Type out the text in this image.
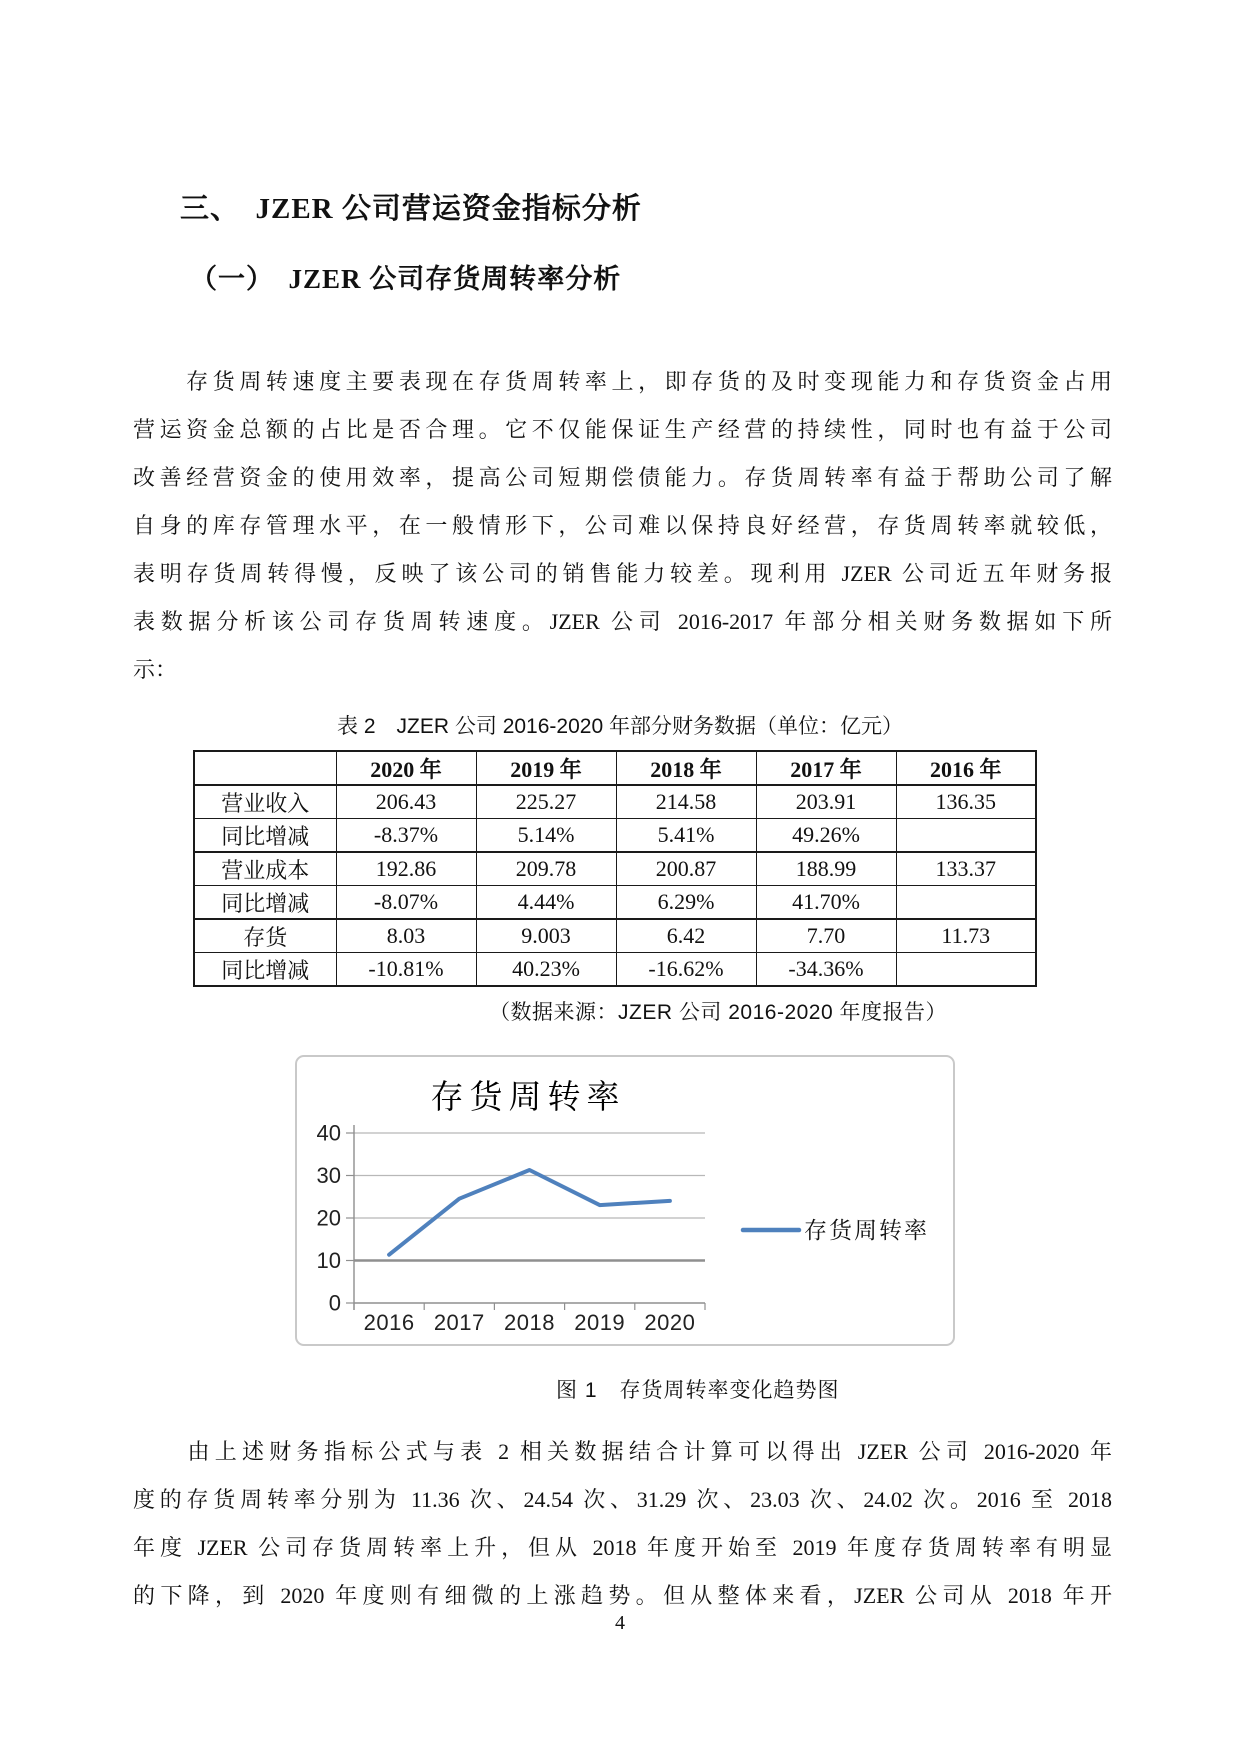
三、　JZER 公司营运资金指标分析
（一）　JZER 公司存货周转率分析
　　存货周转速度主要表现在存货周转率上，即存货的及时变现能力和存货资金占用
营运资金总额的占比是否合理。它不仅能保证生产经营的持续性，同时也有益于公司
改善经营资金的使用效率，提高公司短期偿债能力。存货周转率有益于帮助公司了解
自身的库存管理水平，在一般情形下，公司难以保持良好经营，存货周转率就较低，
表明存货周转得慢，反映了该公司的销售能力较差。现利用 JZER 公司近五年财务报
表数据分析该公司存货周转速度。JZER 公司 2016-2017 年部分相关财务数据如下所
示：
表 2　JZER 公司 2016-2020 年部分财务数据（单位：亿元）
	2020 年	2019 年	2018 年	2017 年	2016 年
营业收入	206.43	225.27	214.58	203.91	136.35
同比增减	-8.37%	5.14%	5.41%	49.26%	
营业成本	192.86	209.78	200.87	188.99	133.37
同比增减	-8.07%	4.44%	6.29%	41.70%	
存货	8.03	9.003	6.42	7.70	11.73
同比增减	-10.81%	40.23%	-16.62%	-34.36%	
（数据来源：JZER 公司 2016-2020 年度报告）
0
10
20
30
40
2016 2017 2018 2019 2020
存货周转率
存货周转率
图 1　存货周转率变化趋势图
　　由上述财务指标公式与表 2 相关数据结合计算可以得出 JZER 公司 2016-2020 年
度的存货周转率分别为 11.36 次、24.54 次、31.29 次、23.03 次、24.02 次。2016 至 2018
年度 JZER 公司存货周转率上升，但从 2018 年度开始至 2019 年度存货周转率有明显
的下降，到 2020 年度则有细微的上涨趋势。但从整体来看，JZER 公司从 2018 年开
4
